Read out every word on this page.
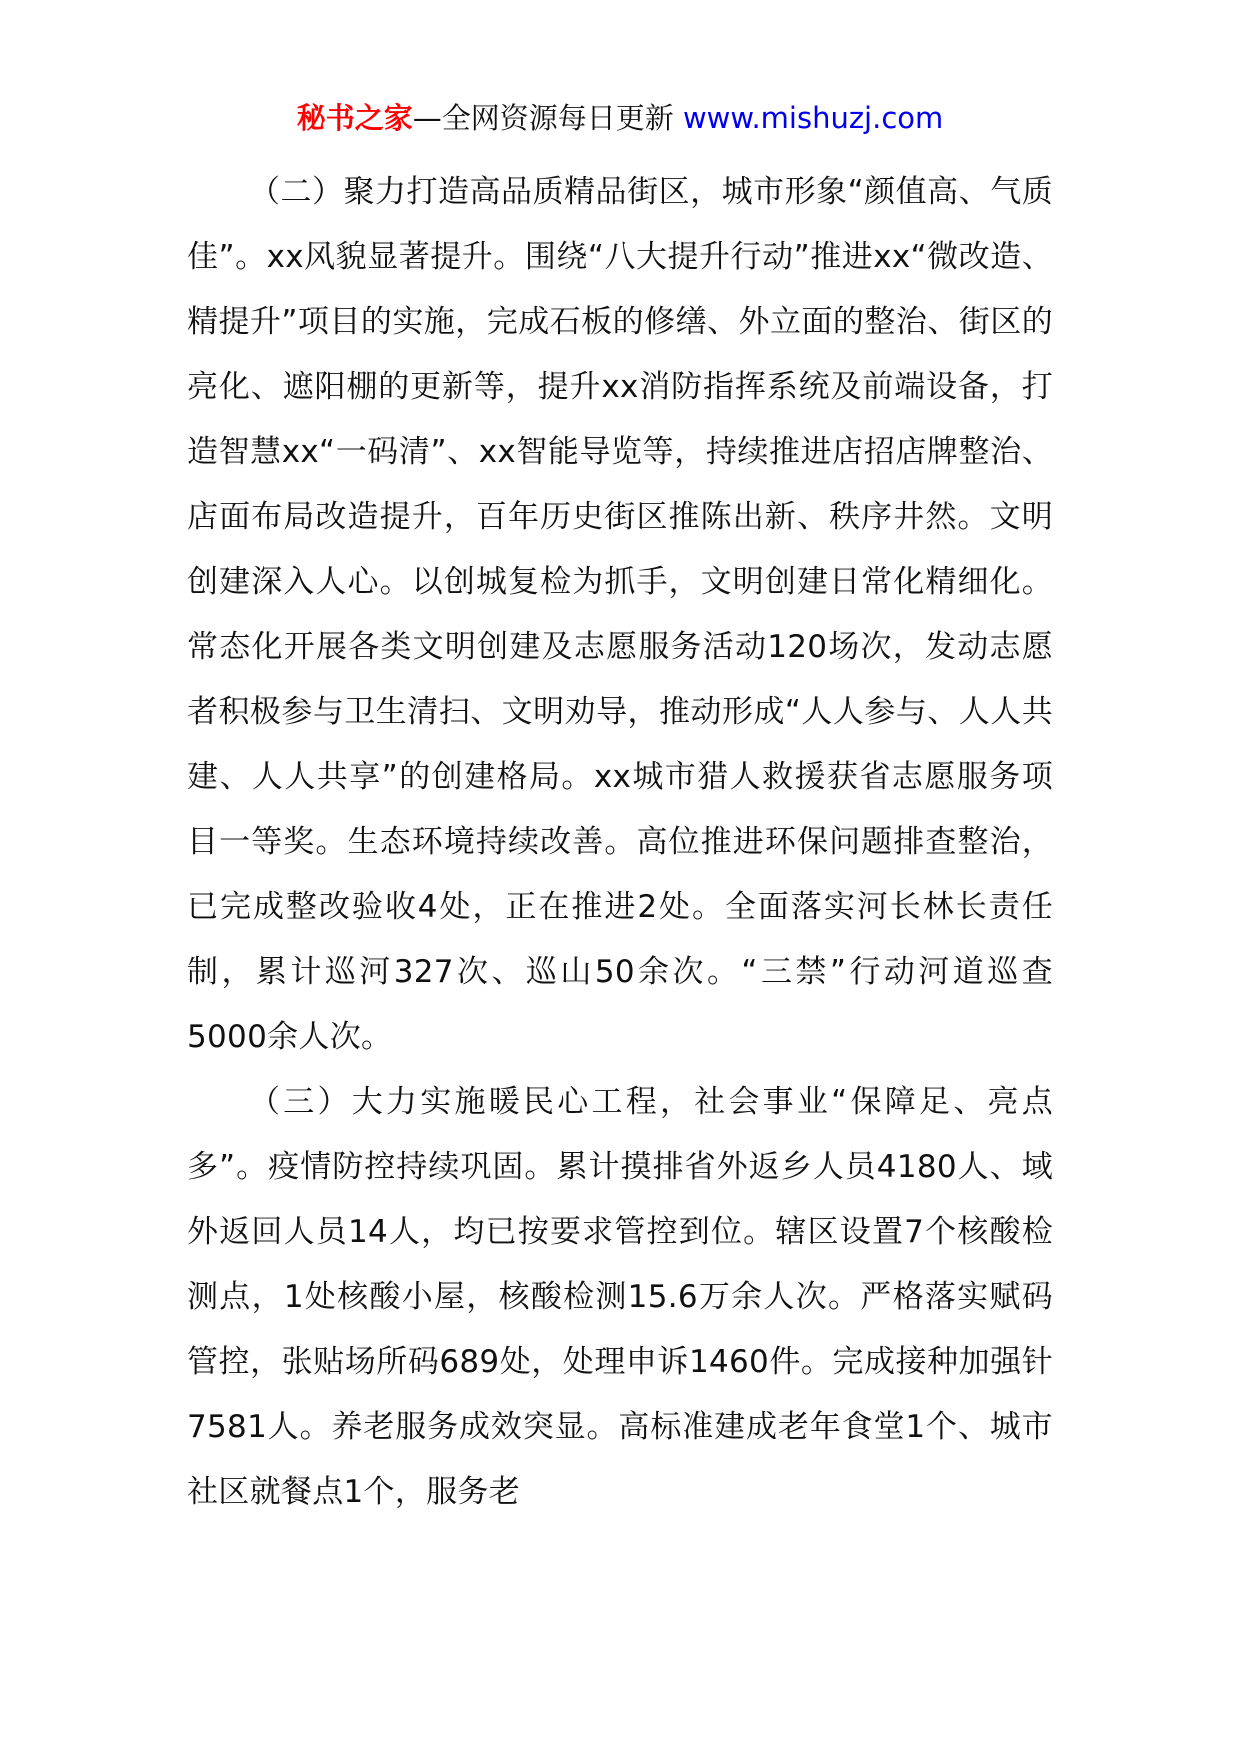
秘书之家—全网资源每日更新 www.mishuzj.com

（二）聚力打造高品质精品街区，城市形象“颜值高、气质佳”。xx风貌显著提升。围绕“八大提升行动”推进xx“微改造、精提升”项目的实施，完成石板的修缮、外立面的整治、街区的亮化、遮阳棚的更新等，提升xx消防指挥系统及前端设备，打造智慧xx“一码清”、xx智能导览等，持续推进店招店牌整治、店面布局改造提升，百年历史街区推陈出新、秩序井然。文明创建深入人心。以创城复检为抓手，文明创建日常化精细化。常态化开展各类文明创建及志愿服务活动120场次，发动志愿者积极参与卫生清扫、文明劝导，推动形成“人人参与、人人共建、人人共享”的创建格局。xx城市猎人救援获省志愿服务项目一等奖。生态环境持续改善。高位推进环保问题排查整治，已完成整改验收4处，正在推进2处。全面落实河长林长责任制，累计巡河327次、巡山50余次。“三禁”行动河道巡查5000余人次。

（三）大力实施暖民心工程，社会事业“保障足、亮点多”。疫情防控持续巩固。累计摸排省外返乡人员4180人、域外返回人员14人，均已按要求管控到位。辖区设置7个核酸检测点，1处核酸小屋，核酸检测15.6万余人次。严格落实赋码管控，张贴场所码689处，处理申诉1460件。完成接种加强针7581人。养老服务成效突显。高标准建成老年食堂1个、城市社区就餐点1个，服务老
